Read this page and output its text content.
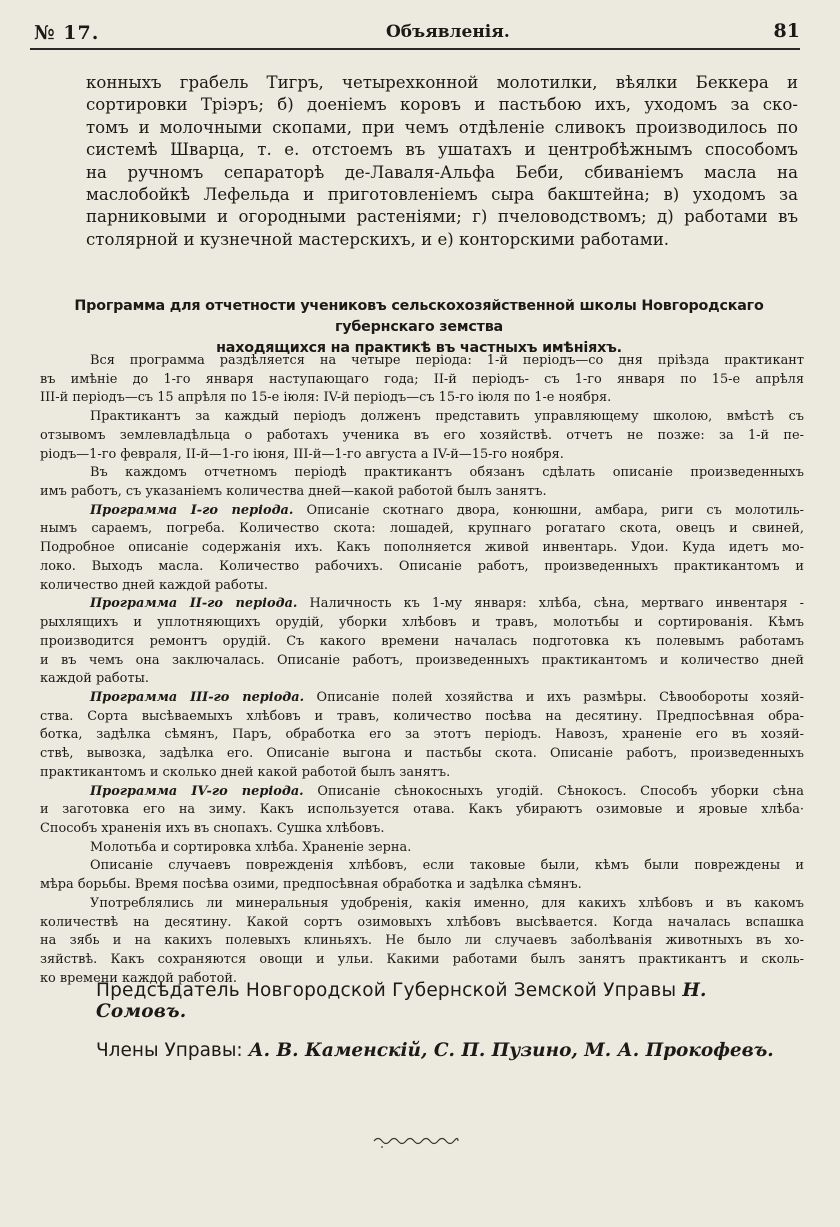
№ 17.	Объявленія.	81
конныхъ грабель Тигръ, четырехконной молотилки, вѣялки Беккера и
сортировки Тріэръ; б) доеніемъ коровъ и пастьбою ихъ, уходомъ за ско-
томъ и молочными скопами, при чемъ отдѣленіе сливокъ производилось по
системѣ Шварца, т. е. отстоемъ въ ушатахъ и центробѣжнымъ способомъ
на ручномъ сепараторѣ де-Лаваля-Альфа Беби, сбиваніемъ масла на
маслобойкѣ Лефельда и приготовленіемъ сыра бакштейна; в) уходомъ за
парниковыми и огородными растеніями; г) пчеловодствомъ; д) работами въ
столярной и кузнечной мастерскихъ, и е) конторскими работами.
Программа для отчетности учениковъ сельскохозяйственной школы Новгородскаго губернскаго земства
находящихся на практикѣ въ частныхъ имѣніяхъ.
Вся программа раздѣляется на четыре періода: 1-й періодъ—со дня пріѣзда практикант
въ имѣніе до 1-го января наступающаго года; II-й періодъ- съ 1-го января по 15-е апрѣля
III-й періодъ—съ 15 апрѣля по 15-е іюля: IV-й періодъ—съ 15-го іюля по 1-е ноября.
Практикантъ за каждый періодъ долженъ представить управляющему школою, вмѣстѣ съ
отзывомъ землевладѣльца о работахъ ученика въ его хозяйствѣ. отчетъ не позже: за 1-й пе-
ріодъ—1-го февраля, II-й—1-го іюня, III-й—1-го августа а IV-й—15-го ноября.
Въ каждомъ отчетномъ періодѣ практикантъ обязанъ сдѣлать описаніе произведенныхъ
имъ работъ, съ указаніемъ количества дней—какой работой былъ занятъ.
Программа I-го періода. Описаніе скотнаго двора, конюшни, амбара, риги съ молотиль-
нымъ сараемъ, погреба. Количество скота: лошадей, крупнаго рогатаго скота, овецъ и свиней,
Подробное описаніе содержанія ихъ. Какъ пополняется живой инвентарь. Удои. Куда идетъ мо-
локо. Выходъ масла. Количество рабочихъ. Описаніе работъ, произведенныхъ практикантомъ и
количество дней каждой работы.
Программа II-го періода. Наличность къ 1-му января: хлѣба, сѣна, мертваго инвентаря -
рыхлящихъ и уплотняющихъ орудій, уборки хлѣбовъ и травъ, молотьбы и сортированія. Кѣмъ
производится ремонтъ орудій. Съ какого времени началась подготовка къ полевымъ работамъ
и въ чемъ она заключалась. Описаніе работъ, произведенныхъ практикантомъ и количество дней
каждой работы.
Программа III-го періода. Описаніе полей хозяйства и ихъ размѣры. Сѣвообороты хозяй-
ства. Сорта высѣваемыхъ хлѣбовъ и травъ, количество посѣва на десятину. Предпосѣвная обра-
ботка, задѣлка сѣмянъ, Паръ, обработка его за этотъ періодъ. Навозъ, храненіе его въ хозяй-
ствѣ, вывозка, задѣлка его. Описаніе выгона и пастьбы скота. Описаніе работъ, произведенныхъ
практикантомъ и сколько дней какой работой былъ занятъ.
Программа IV-го періода. Описаніе сѣнокосныхъ угодій. Сѣнокосъ. Способъ уборки сѣна
и заготовка его на зиму. Какъ используется отава. Какъ убираютъ озимовые и яровые хлѣба·
Способъ храненія ихъ въ снопахъ. Сушка хлѣбовъ.
Молотьба и сортировка хлѣба. Храненіе зерна.
Описаніе случаевъ поврежденія хлѣбовъ, если таковые были, кѣмъ были повреждены и
мѣра борьбы. Время посѣва озими, предпосѣвная обработка и задѣлка сѣмянъ.
Употреблялись ли минеральныя удобренія, какія именно, для какихъ хлѣбовъ и въ какомъ
количествѣ на десятину. Какой сортъ озимовыхъ хлѣбовъ высѣвается. Когда началась вспашка
на зябь и на какихъ полевыхъ клиньяхъ. Не было ли случаевъ заболѣванія животныхъ въ хо-
зяйствѣ. Какъ сохраняются овощи и ульи. Какими работами былъ занятъ практикантъ и сколь-
ко времени каждой работой.
Предсѣдатель Новгородской Губернской Земской Управы Н. Сомовъ.
Члены Управы: А. В. Каменскій, С. П. Пузино, М. А. Прокофевъ.
